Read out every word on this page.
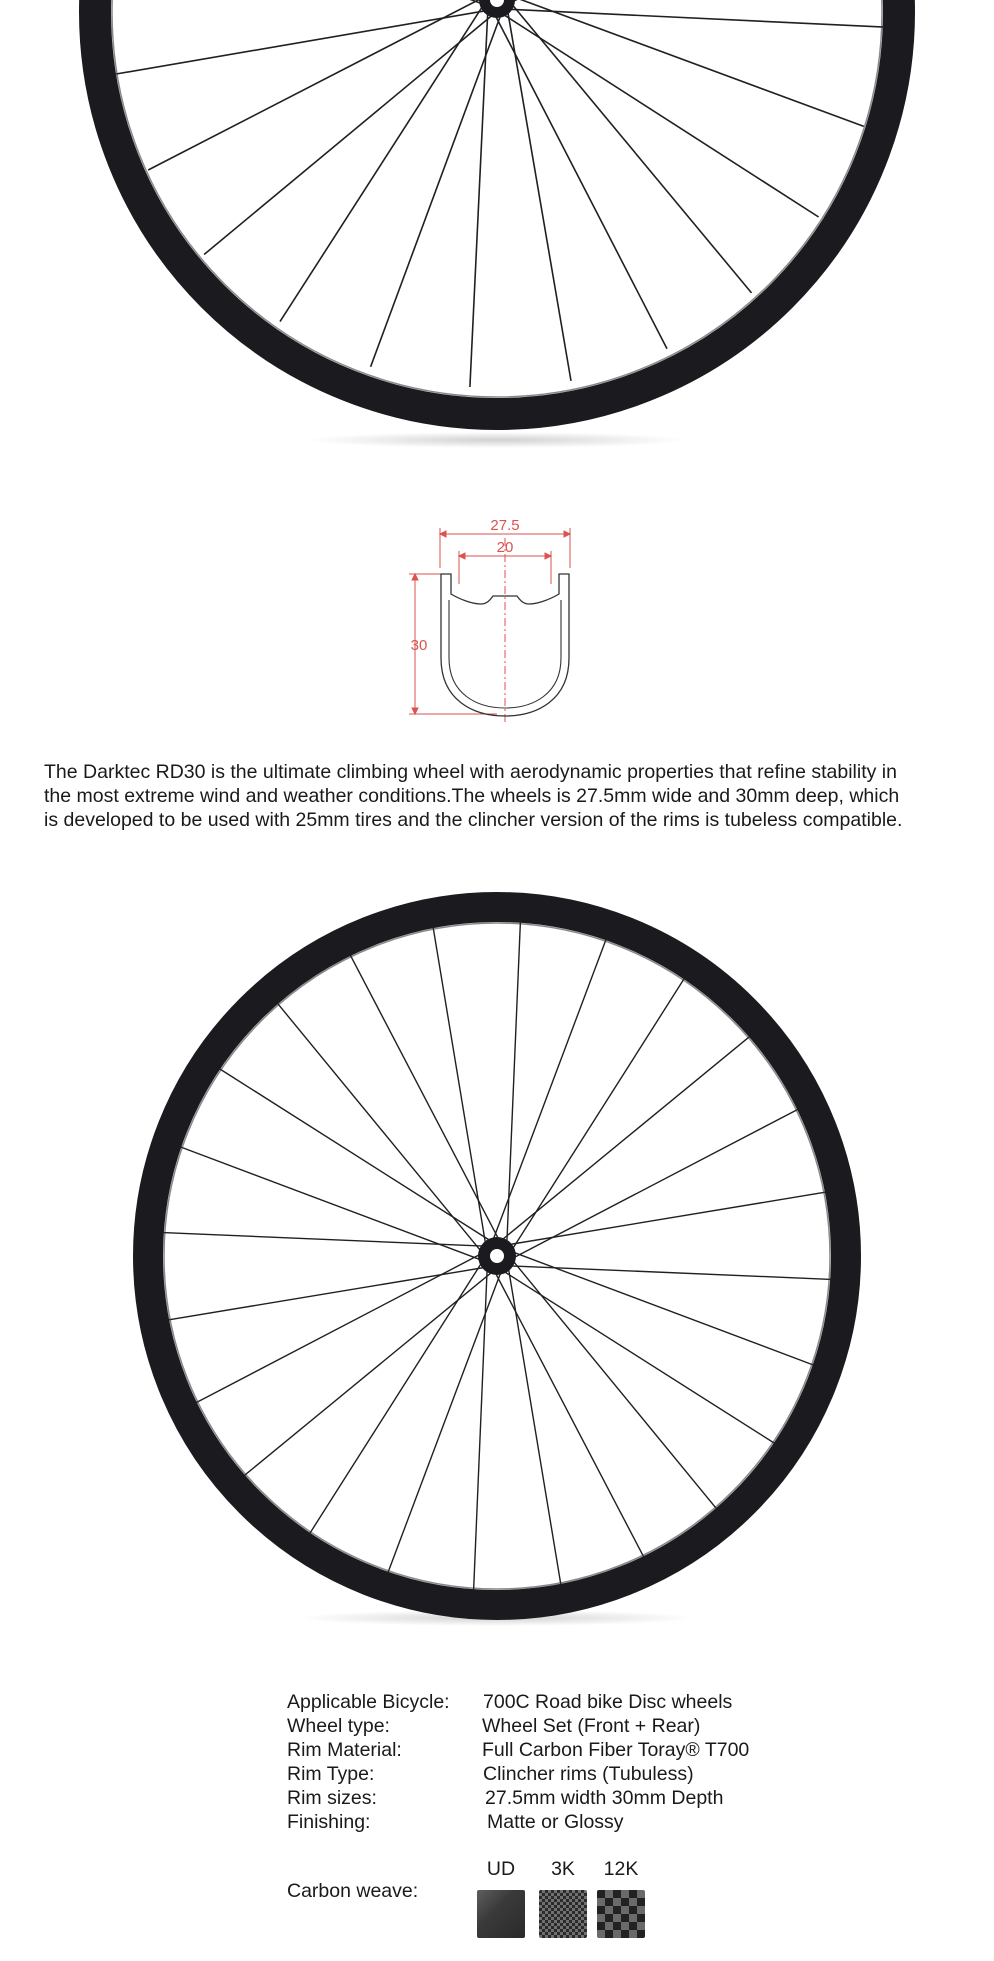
27.5
20
30

The Darktec RD30 is the ultimate climbing wheel with aerodynamic properties that refine stability in

the most extreme wind and weather conditions.The wheels is 27.5mm wide and 30mm deep, which

is developed to be used with 25mm tires and the clincher version of the rims is tubeless compatible.

Applicable Bicycle: 700C Road bike Disc wheels
Wheel type:	Wheel Set (Front + Rear)
Rim Material:	Full Carbon Fiber Toray® T700
Rim Type:	Clincher rims (Tubuless)
Rim sizes:	27.5mm width 30mm Depth
Finishing:	Matte or Glossy
UD	3K	12K
Carbon weave:
